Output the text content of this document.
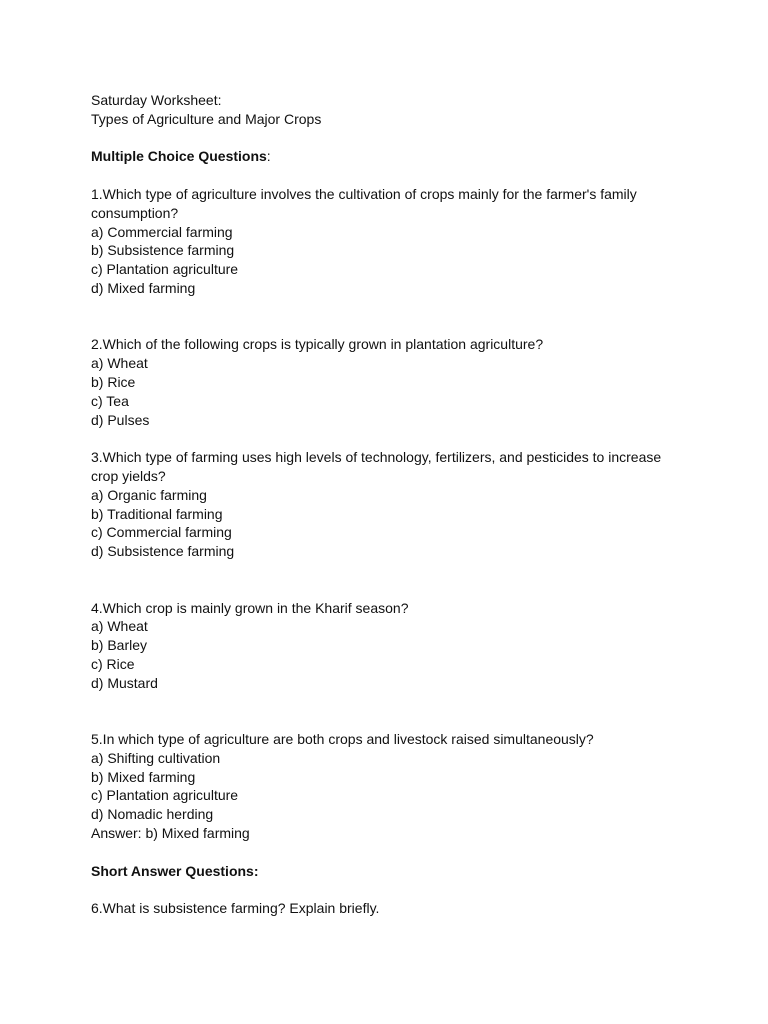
Saturday Worksheet:
Types of Agriculture and Major Crops
Multiple Choice Questions:
1.Which type of agriculture involves the cultivation of crops mainly for the farmer's family consumption?
a) Commercial farming
b) Subsistence farming
c) Plantation agriculture
d) Mixed farming
2.Which of the following crops is typically grown in plantation agriculture?
a) Wheat
b) Rice
c) Tea
d) Pulses
3.Which type of farming uses high levels of technology, fertilizers, and pesticides to increase crop yields?
a) Organic farming
b) Traditional farming
c) Commercial farming
d) Subsistence farming
4.Which crop is mainly grown in the Kharif season?
a) Wheat
b) Barley
c) Rice
d) Mustard
5.In which type of agriculture are both crops and livestock raised simultaneously?
a) Shifting cultivation
b) Mixed farming
c) Plantation agriculture
d) Nomadic herding
Answer: b) Mixed farming
Short Answer Questions:
6.What is subsistence farming? Explain briefly.
